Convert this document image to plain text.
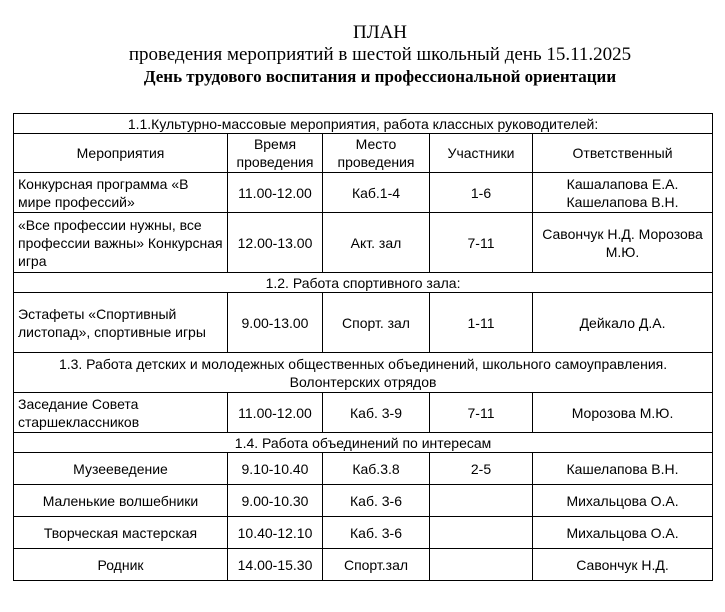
ПЛАН
проведения мероприятий в шестой школьный день 15.11.2025
День трудового воспитания и профессиональной ориентации
1.1.Культурно-массовые мероприятия, работа классных руководителей:				
Мероприятия	Время проведения	Место проведения	Участники	Ответственный
Конкурсная программа «В мире профессий»	11.00-12.00	Каб.1-4	1-6	Кашалапова Е.А. Кашелапова В.Н.
«Все профессии нужны, все профессии важны» Конкурсная игра	12.00-13.00	Акт. зал	7-11	Савончук Н.Д. Морозова М.Ю.
1.2. Работа спортивного зала:				
Эстафеты «Спортивный листопад», спортивные игры	9.00-13.00	Спорт. зал	1-11	Дейкало Д.А.
1.3. Работа детских и молодежных общественных объединений, школьного самоуправления. Волонтерских отрядов				
Заседание Совета старшеклассников	11.00-12.00	Каб. 3-9	7-11	Морозова М.Ю.
1.4. Работа объединений по интересам				
Музееведение	9.10-10.40	Каб.3.8	2-5	Кашелапова В.Н.
Маленькие волшебники	9.00-10.30	Каб. 3-6		Михальцова О.А.
Творческая мастерская	10.40-12.10	Каб. 3-6		Михальцова О.А.
Родник	14.00-15.30	Спорт.зал		Савончук Н.Д.
